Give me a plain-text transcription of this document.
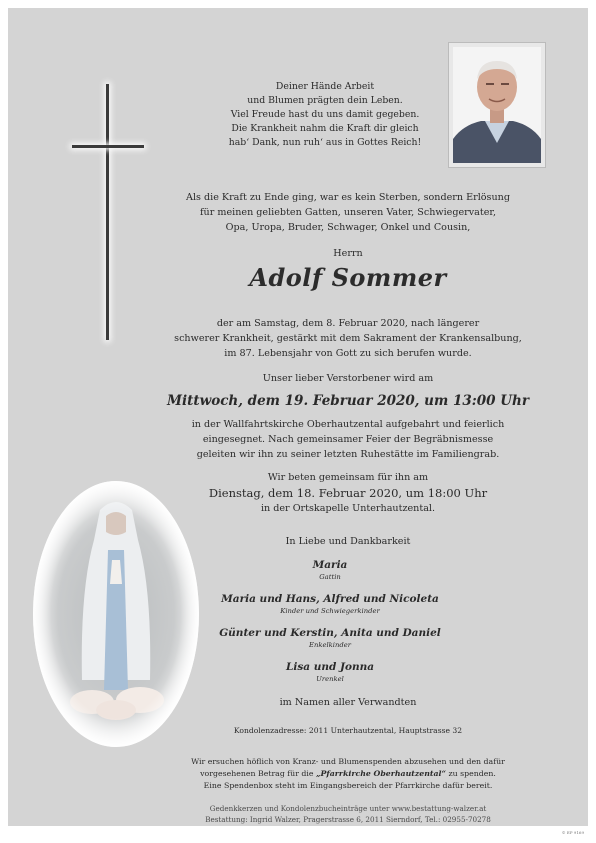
Deiner Hände Arbeit
und Blumen prägten dein Leben.
Viel Freude hast du uns damit gegeben.
Die Krankheit nahm die Kraft dir gleich
hab‘ Dank, nun ruh‘ aus in Gottes Reich!
Als die Kraft zu Ende ging, war es kein Sterben, sondern Erlösung
für meinen geliebten Gatten, unseren Vater, Schwiegervater,
Opa, Uropa, Bruder, Schwager, Onkel und Cousin,
Herrn
Adolf Sommer
der am Samstag, dem 8. Februar 2020, nach längerer
schwerer Krankheit, gestärkt mit dem Sakrament der Krankensalbung,
im 87. Lebensjahr von Gott zu sich berufen wurde.
Unser lieber Verstorbener wird am
Mittwoch, dem 19. Februar 2020, um 13:00 Uhr
in der Wallfahrtskirche Oberhautzental aufgebahrt und feierlich
eingesegnet. Nach gemeinsamer Feier der Begräbnismesse
geleiten wir ihn zu seiner letzten Ruhestätte im Familiengrab.
Wir beten gemeinsam für ihn am
Dienstag, dem 18. Februar 2020, um 18:00 Uhr
in der Ortskapelle Unterhautzental.
In Liebe und Dankbarkeit
Maria
Gattin
Maria und Hans, Alfred und Nicoleta
Kinder und Schwiegerkinder
Günter und Kerstin, Anita und Daniel
Enkelkinder
Lisa und Jonna
Urenkel
im Namen aller Verwandten
Kondolenzadresse: 2011 Unterhautzental, Hauptstrasse 32
Wir ersuchen höflich von Kranz- und Blumenspenden abzusehen und den dafür
vorgesehenen Betrag für die „Pfarrkirche Oberhautzental“ zu spenden.
Eine Spendenbox steht im Eingangsbereich der Pfarrkirche dafür bereit.
Gedenkkerzen und Kondolenzbucheinträge unter www.bestattung-walzer.at
Bestattung: Ingrid Walzer, Pragerstrasse 6, 2011 Sierndorf, Tel.: 02955-70278
© EP 9169
